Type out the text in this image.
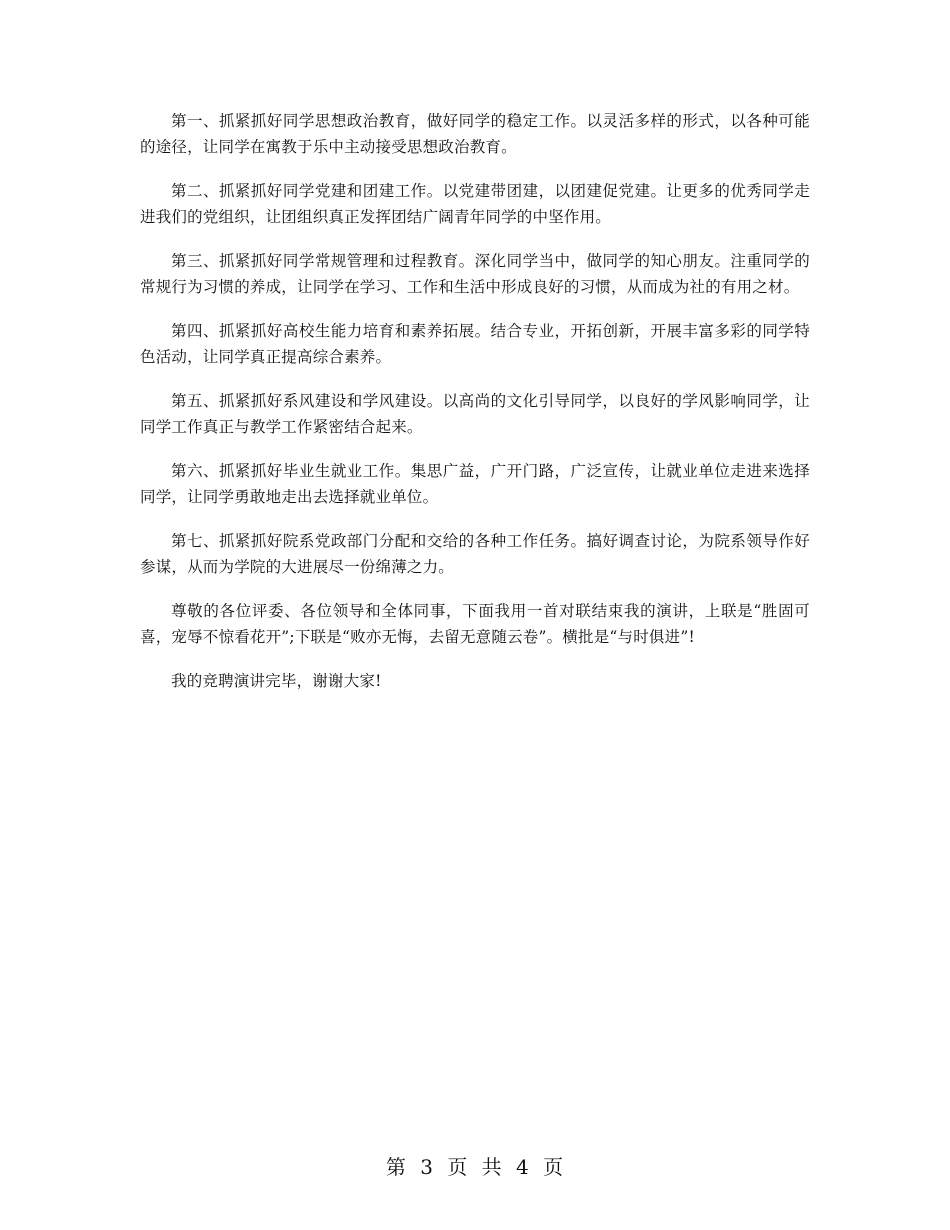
第一、抓紧抓好同学思想政治教育，做好同学的稳定工作。以灵活多样的形式，以各种可能的途径，让同学在寓教于乐中主动接受思想政治教育。

第二、抓紧抓好同学党建和团建工作。以党建带团建，以团建促党建。让更多的优秀同学走进我们的党组织，让团组织真正发挥团结广阔青年同学的中坚作用。

第三、抓紧抓好同学常规管理和过程教育。深化同学当中，做同学的知心朋友。注重同学的常规行为习惯的养成，让同学在学习、工作和生活中形成良好的习惯，从而成为社的有用之材。

第四、抓紧抓好高校生能力培育和素养拓展。结合专业，开拓创新，开展丰富多彩的同学特色活动，让同学真正提高综合素养。

第五、抓紧抓好系风建设和学风建设。以高尚的文化引导同学，以良好的学风影响同学，让同学工作真正与教学工作紧密结合起来。

第六、抓紧抓好毕业生就业工作。集思广益，广开门路，广泛宣传，让就业单位走进来选择同学，让同学勇敢地走出去选择就业单位。

第七、抓紧抓好院系党政部门分配和交给的各种工作任务。搞好调查讨论，为院系领导作好参谋，从而为学院的大进展尽一份绵薄之力。

尊敬的各位评委、各位领导和全体同事，下面我用一首对联结束我的演讲，上联是“胜固可喜，宠辱不惊看花开”;下联是“败亦无悔，去留无意随云卷”。横批是“与时俱进”!

我的竞聘演讲完毕，谢谢大家!

第 3 页 共 4 页
